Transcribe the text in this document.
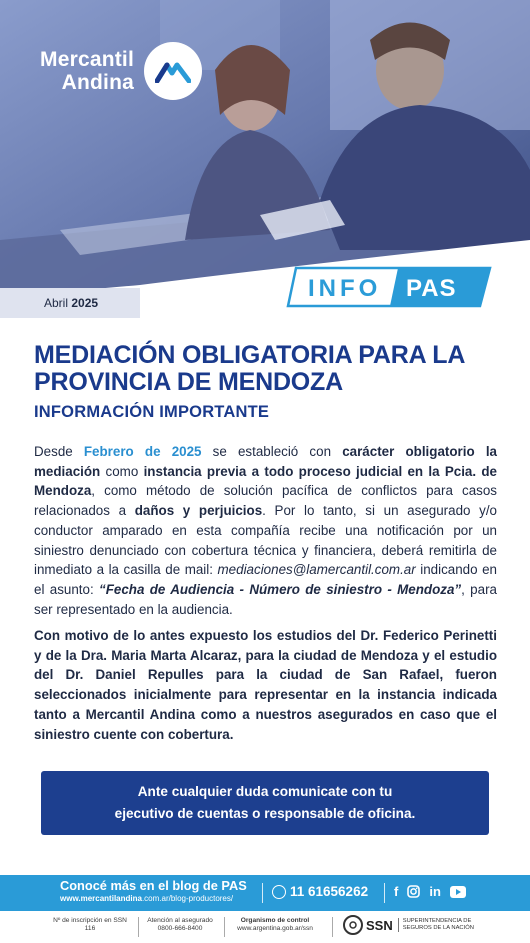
Mercantil
Andina
Abril 2025
INFO PAS
MEDIACIÓN OBLIGATORIA PARA LA PROVINCIA DE MENDOZA
INFORMACIÓN IMPORTANTE
Desde Febrero de 2025 se estableció con carácter obligatorio la mediación como instancia previa a todo proceso judicial en la Pcia. de Mendoza, como método de solución pacífica de conflictos para casos relacionados a daños y perjuicios. Por lo tanto, si un asegurado y/o conductor amparado en esta compañía recibe una notificación por un siniestro denunciado con cobertura técnica y financiera, deberá remitirla de inmediato a la casilla de mail: mediaciones@lamercantil.com.ar indicando en el asunto: “Fecha de Audiencia - Número de siniestro - Mendoza”, para ser representado en la audiencia.
Con motivo de lo antes expuesto los estudios del Dr. Federico Perinetti y de la Dra. Maria Marta Alcaraz, para la ciudad de Mendoza y el estudio del Dr. Daniel Repulles para la ciudad de San Rafael, fueron seleccionados inicialmente para representar en la instancia indicada tanto a Mercantil Andina como a nuestros asegurados en caso que el siniestro cuente con cobertura.
Ante cualquier duda comunicate con tu
ejecutivo de cuentas o responsable de oficina.
Conocé más en el blog de PAS
www.mercantilandina.com.ar/blog-productores/	11 61656262 f in
Nº de inscripción en SSN
116
Atención al asegurado
0800-666-8400
Organismo de control
www.argentina.gob.ar/ssn	SSN SUPERINTENDENCIA DE
SEGUROS DE LA NACIÓN
